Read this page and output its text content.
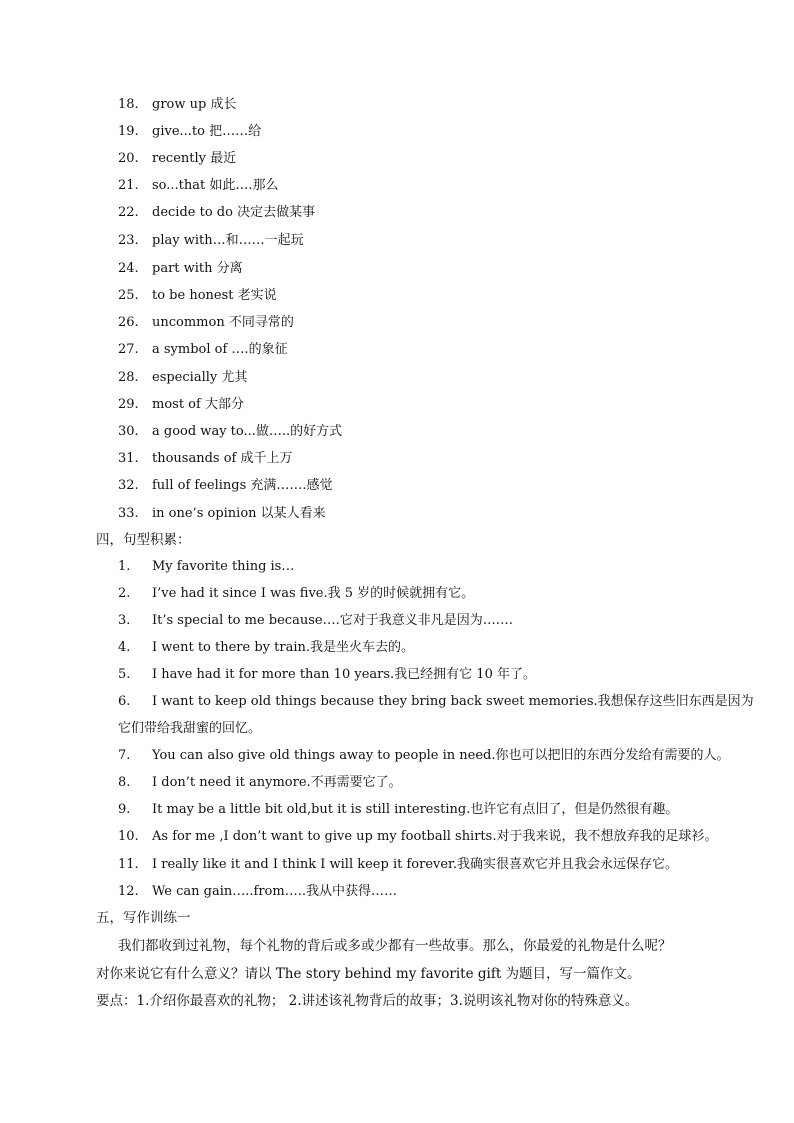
18. grow up 成长
19. give...to 把……给
20. recently 最近
21. so...that 如此….那么
22. decide to do 决定去做某事
23. play with…和……一起玩
24. part with 分离
25. to be honest 老实说
26. uncommon 不同寻常的
27. a symbol of ….的象征
28. especially 尤其
29. most of 大部分
30. a good way to...做…..的好方式
31. thousands of 成千上万
32. full of feelings 充满…….感觉
33. in one’s opinion 以某人看来
四，句型积累：
1. My favorite thing is…
2. I’ve had it since I was five.我 5 岁的时候就拥有它。
3. It’s special to me because….它对于我意义非凡是因为…….
4. I went to there by train.我是坐火车去的。
5. I have had it for more than 10 years.我已经拥有它 10 年了。
6. I want to keep old things because they bring back sweet memories.我想保存这些旧东西是因为
它们带给我甜蜜的回忆。
7. You can also give old things away to people in need.你也可以把旧的东西分发给有需要的人。
8. I don’t need it anymore.不再需要它了。
9. It may be a little bit old,but it is still interesting.也许它有点旧了，但是仍然很有趣。
10. As for me ,I don’t want to give up my football shirts.对于我来说，我不想放弃我的足球衫。
11. I really like it and I think I will keep it forever.我确实很喜欢它并且我会永远保存它。
12. We can gain…..from…..我从中获得……
五，写作训练一
我们都收到过礼物，每个礼物的背后或多或少都有一些故事。那么，你最爱的礼物是什么呢？
对你来说它有什么意义？请以 The story behind my favorite gift 为题目，写一篇作文。
要点：1.介绍你最喜欢的礼物； 2.讲述该礼物背后的故事；3.说明该礼物对你的特殊意义。
